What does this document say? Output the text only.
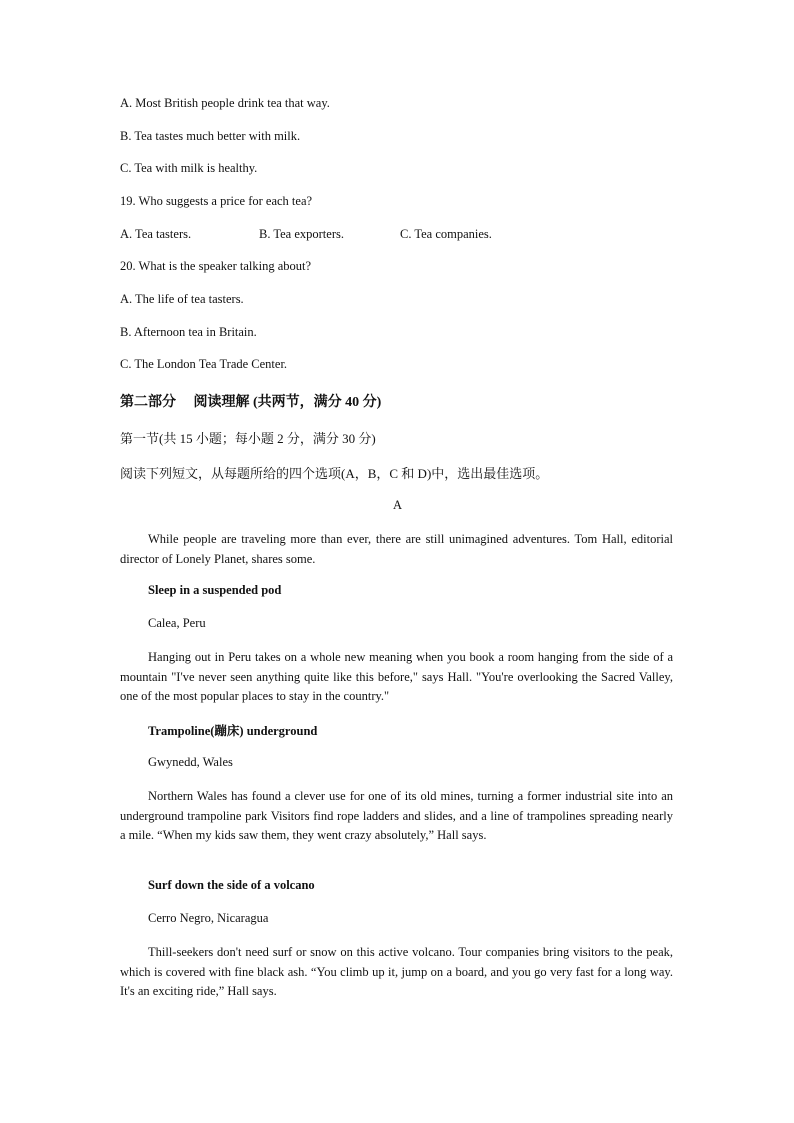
A. Most British people drink tea that way.
B. Tea tastes much better with milk.
C. Tea with milk is healthy.
19. Who suggests a price for each tea?
A. Tea tasters.	B. Tea exporters.	C. Tea companies.
20. What is the speaker talking about?
A. The life of tea tasters.
B. Afternoon tea in Britain.
C. The London Tea Trade Center.
第二部分　 阅读理解 (共两节，满分 40 分)
第一节(共 15 小题；每小题 2 分，满分 30 分)
阅读下列短文，从每题所给的四个选项(A，B，C 和 D)中，选出最佳选项。
A
While people are traveling more than ever, there are still unimagined adventures. Tom Hall, editorial director of Lonely Planet, shares some.
Sleep in a suspended pod
Calea, Peru
Hanging out in Peru takes on a whole new meaning when you book a room hanging from the side of a mountain "I've never seen anything quite like this before," says Hall. "You're overlooking the Sacred Valley, one of the most popular places to stay in the country."
Trampoline(蹦床) underground
Gwynedd, Wales
Northern Wales has found a clever use for one of its old mines, turning a former industrial site into an underground trampoline park Visitors find rope ladders and slides, and a line of trampolines spreading nearly a mile. “When my kids saw them, they went crazy absolutely,” Hall says.
Surf down the side of a volcano
Cerro Negro, Nicaragua
Thill-seekers don't need surf or snow on this active volcano. Tour companies bring visitors to the peak, which is covered with fine black ash. “You climb up it, jump on a board, and you go very fast for a long way. It's an exciting ride,” Hall says.
